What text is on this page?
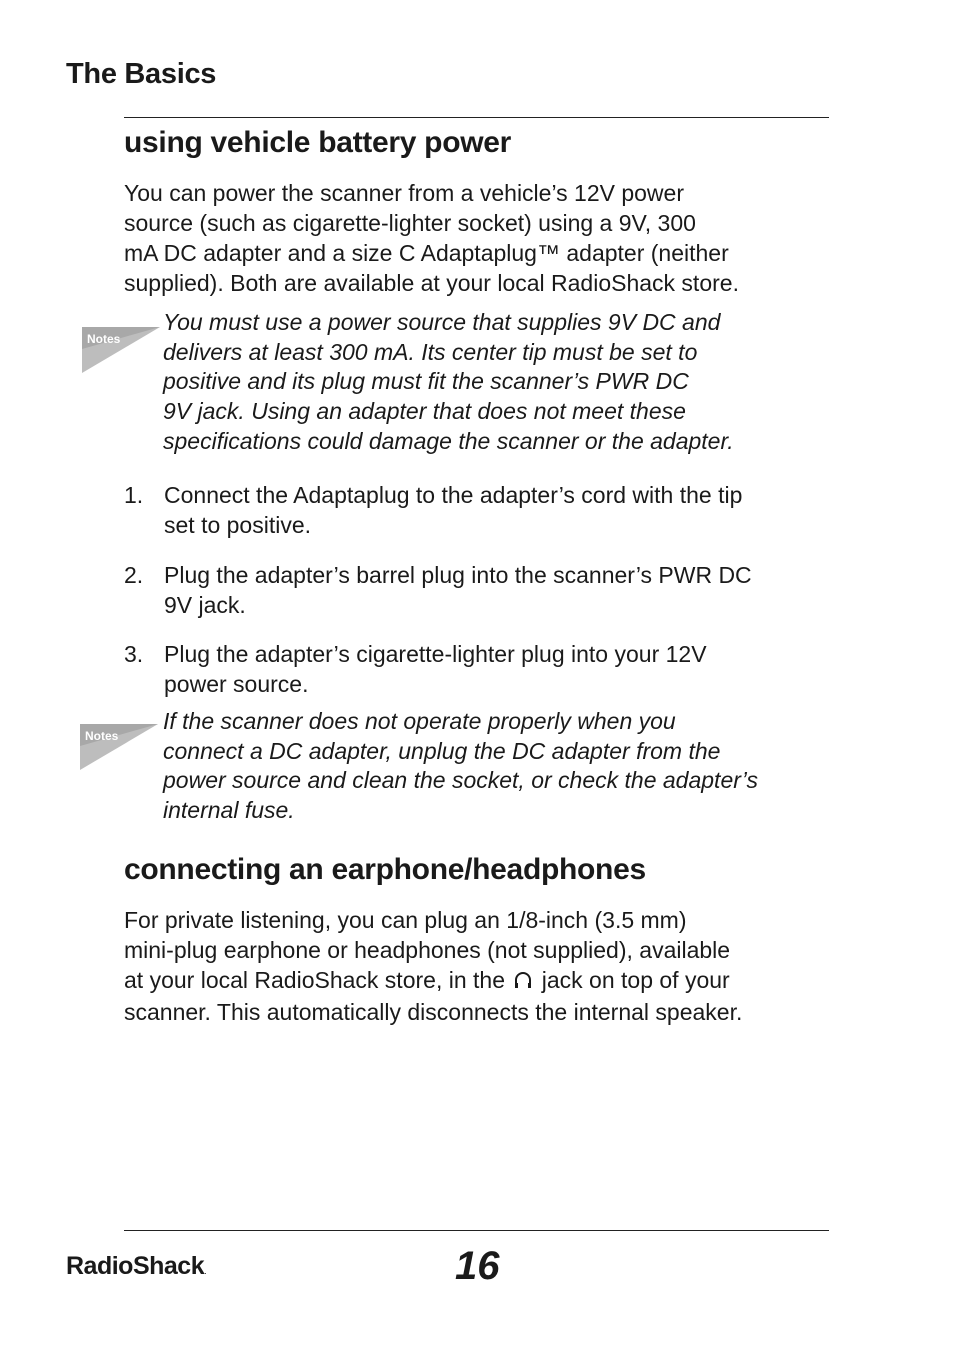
The Basics
using vehicle battery power
You can power the scanner from a vehicle’s 12V power
source (such as cigarette-lighter socket) using a 9V, 300
mA DC adapter and a size C Adaptaplug™ adapter (neither
supplied). Both are available at your local RadioShack store.
Notes
You must use a power source that supplies 9V DC and
delivers at least 300 mA. Its center tip must be set to
positive and its plug must fit the scanner’s PWR DC
9V jack. Using an adapter that does not meet these
specifications could damage the scanner or the adapter.
1. Connect the Adaptaplug to the adapter’s cord with the tip
set to positive.
2. Plug the adapter’s barrel plug into the scanner’s PWR DC
9V jack.
3. Plug the adapter’s cigarette-lighter plug into your 12V
power source.
Notes
If the scanner does not operate properly when you
connect a DC adapter, unplug the DC adapter from the
power source and clean the socket, or check the adapter’s
internal fuse.
connecting an earphone/headphones
For private listening, you can plug an 1/8-inch (3.5 mm)
mini-plug earphone or headphones (not supplied), available
at your local RadioShack store, in the jack on top of your
scanner. This automatically disconnects the internal speaker.
RadioShack.	16
